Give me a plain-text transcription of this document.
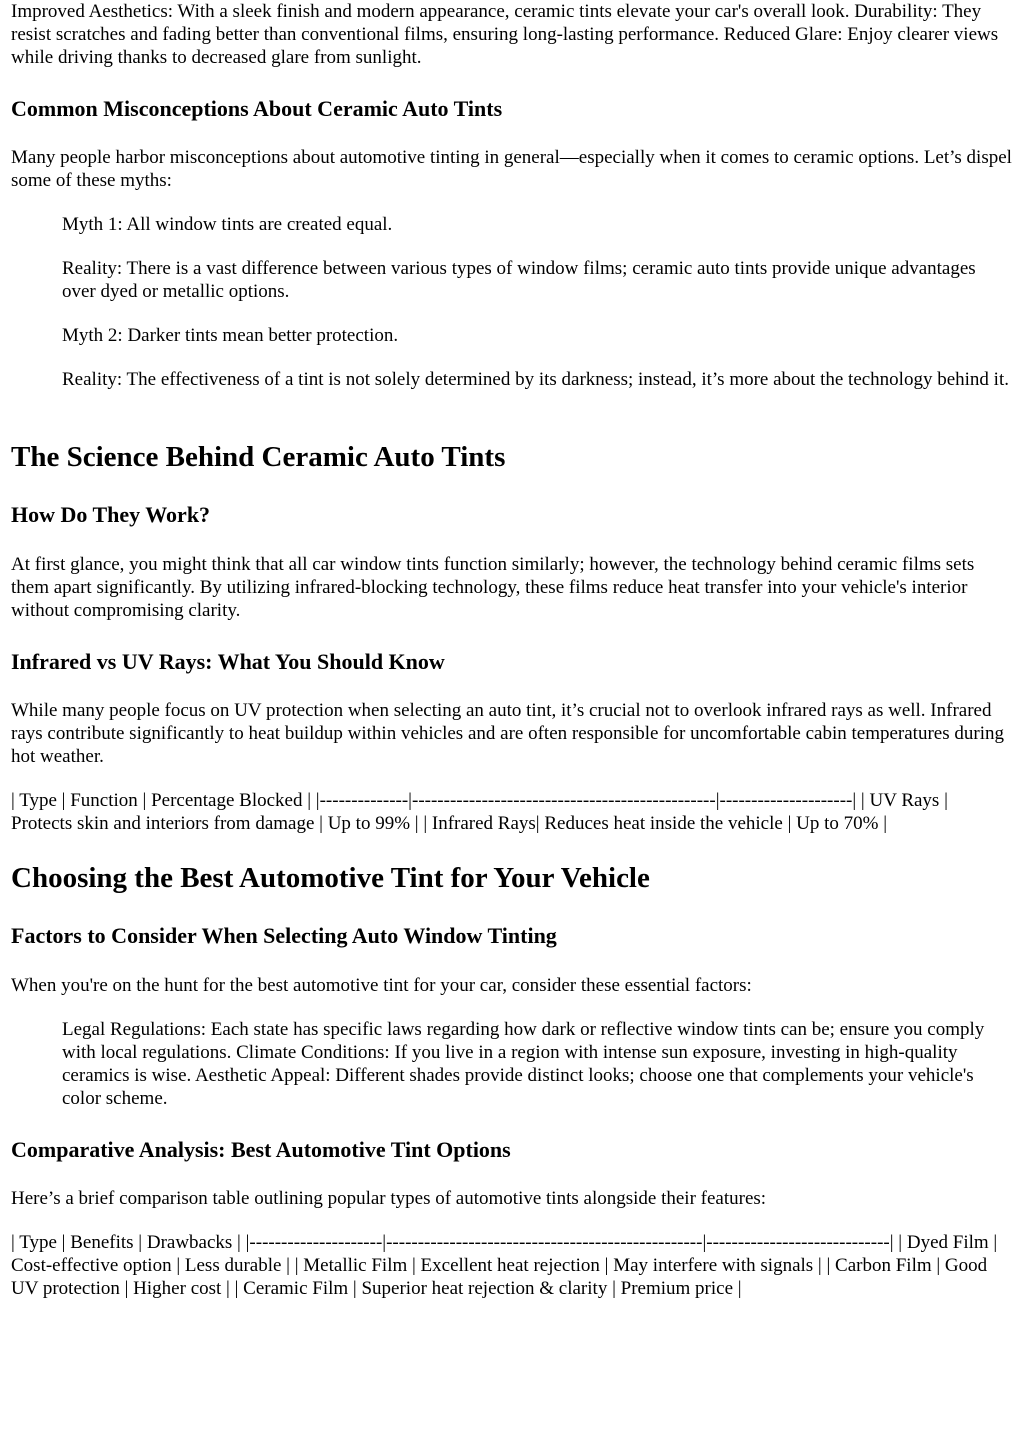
Improved Aesthetics: With a sleek finish and modern appearance, ceramic tints elevate your car's overall look. Durability: They resist scratches and fading better than conventional films, ensuring long-lasting performance. Reduced Glare: Enjoy clearer views while driving thanks to decreased glare from sunlight.

Common Misconceptions About Ceramic Auto Tints

Many people harbor misconceptions about automotive tinting in general—especially when it comes to ceramic options. Let’s dispel some of these myths:

Myth 1: All window tints are created equal.

Reality: There is a vast difference between various types of window films; ceramic auto tints provide unique advantages over dyed or metallic options.

Myth 2: Darker tints mean better protection.

Reality: The effectiveness of a tint is not solely determined by its darkness; instead, it’s more about the technology behind it.

The Science Behind Ceramic Auto Tints
How Do They Work?

At first glance, you might think that all car window tints function similarly; however, the technology behind ceramic films sets them apart significantly. By utilizing infrared-blocking technology, these films reduce heat transfer into your vehicle's interior without compromising clarity.

Infrared vs UV Rays: What You Should Know

While many people focus on UV protection when selecting an auto tint, it’s crucial not to overlook infrared rays as well. Infrared rays contribute significantly to heat buildup within vehicles and are often responsible for uncomfortable cabin temperatures during hot weather.

| Type | Function | Percentage Blocked | |--------------|------------------------------------------------|---------------------| | UV Rays | Protects skin and interiors from damage | Up to 99% | | Infrared Rays| Reduces heat inside the vehicle | Up to 70% |

Choosing the Best Automotive Tint for Your Vehicle
Factors to Consider When Selecting Auto Window Tinting

When you're on the hunt for the best automotive tint for your car, consider these essential factors:

Legal Regulations: Each state has specific laws regarding how dark or reflective window tints can be; ensure you comply with local regulations. Climate Conditions: If you live in a region with intense sun exposure, investing in high-quality ceramics is wise. Aesthetic Appeal: Different shades provide distinct looks; choose one that complements your vehicle's color scheme.

Comparative Analysis: Best Automotive Tint Options

Here’s a brief comparison table outlining popular types of automotive tints alongside their features:

| Type | Benefits | Drawbacks | |---------------------|--------------------------------------------------|-----------------------------| | Dyed Film | Cost-effective option | Less durable | | Metallic Film | Excellent heat rejection | May interfere with signals | | Carbon Film | Good UV protection | Higher cost | | Ceramic Film | Superior heat rejection & clarity | Premium price |
